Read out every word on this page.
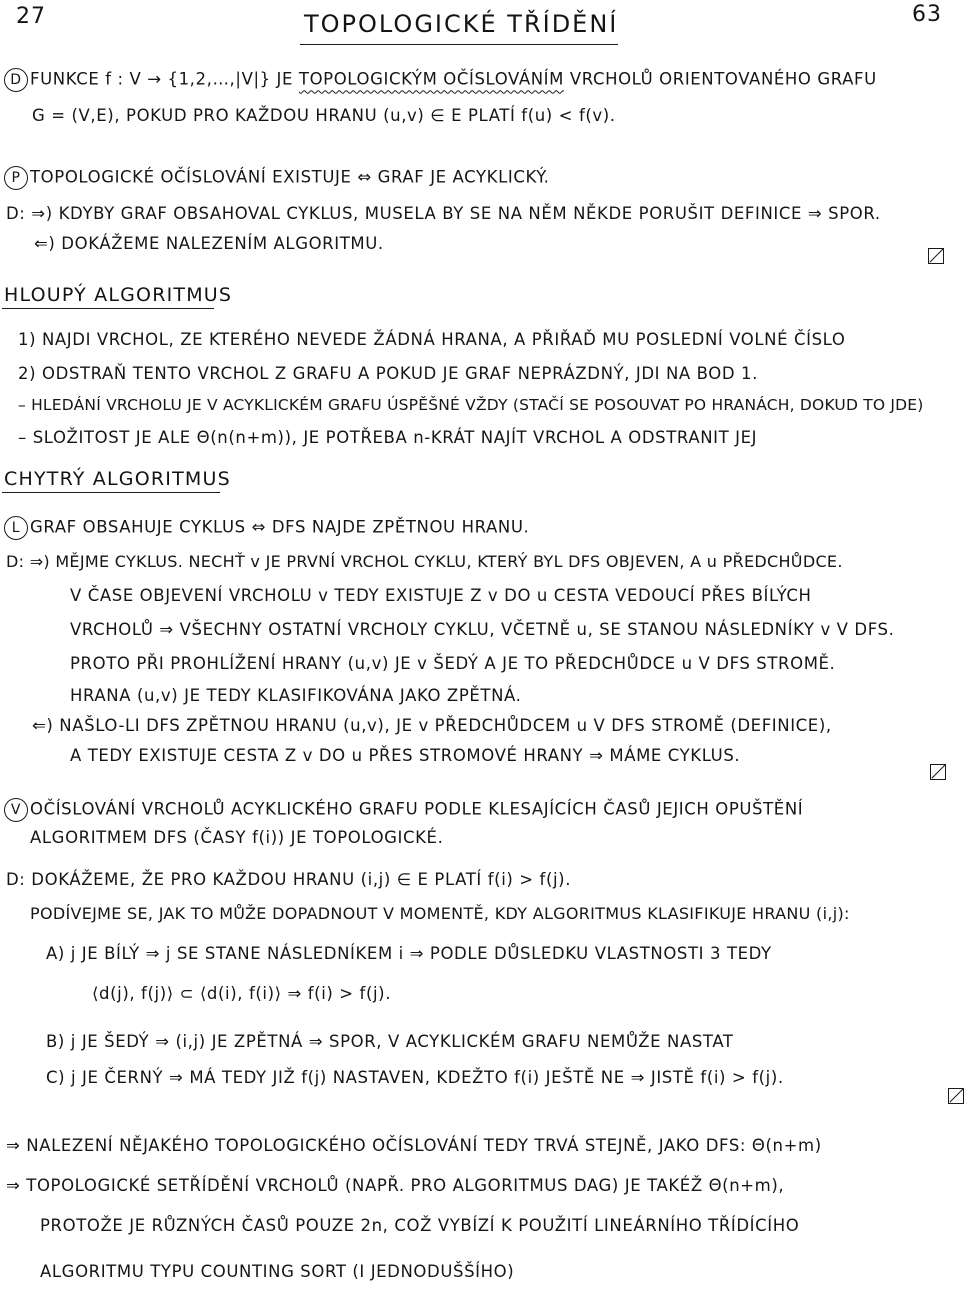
27	63
TOPOLOGICKÉ TŘÍDĚNÍ
D FUNKCE f : V → {1,2,…,|V|} JE TOPOLOGICKÝM OČÍSLOVÁNÍM VRCHOLŮ ORIENTOVANÉHO GRAFU
G = (V,E), POKUD PRO KAŽDOU HRANU (u,v) ∈ E PLATÍ f(u) < f(v).
P TOPOLOGICKÉ OČÍSLOVÁNÍ EXISTUJE ⇔ GRAF JE ACYKLICKÝ.
D: ⇒) KDYBY GRAF OBSAHOVAL CYKLUS, MUSELA BY SE NA NĚM NĚKDE PORUŠIT DEFINICE ⇒ SPOR.
⇐) DOKÁŽEME NALEZENÍM ALGORITMU.
HLOUPÝ ALGORITMUS
1) NAJDI VRCHOL, ZE KTERÉHO NEVEDE ŽÁDNÁ HRANA, A PŘIŘAĎ MU POSLEDNÍ VOLNÉ ČÍSLO
2) ODSTRAŇ TENTO VRCHOL Z GRAFU A POKUD JE GRAF NEPRÁZDNÝ, JDI NA BOD 1.
– HLEDÁNÍ VRCHOLU JE V ACYKLICKÉM GRAFU ÚSPĚŠNÉ VŽDY (STAČÍ SE POSOUVAT PO HRANÁCH, DOKUD TO JDE)
– SLOŽITOST JE ALE Θ(n(n+m)), JE POTŘEBA n-KRÁT NAJÍT VRCHOL A ODSTRANIT JEJ
CHYTRÝ ALGORITMUS
L GRAF OBSAHUJE CYKLUS ⇔ DFS NAJDE ZPĚTNOU HRANU.
D: ⇒) MĚJME CYKLUS. NECHŤ v JE PRVNÍ VRCHOL CYKLU, KTERÝ BYL DFS OBJEVEN, A u PŘEDCHŮDCE.
V ČASE OBJEVENÍ VRCHOLU v TEDY EXISTUJE Z v DO u CESTA VEDOUCÍ PŘES BÍLÝCH
VRCHOLŮ ⇒ VŠECHNY OSTATNÍ VRCHOLY CYKLU, VČETNĚ u, SE STANOU NÁSLEDNÍKY v V DFS.
PROTO PŘI PROHLÍŽENÍ HRANY (u,v) JE v ŠEDÝ A JE TO PŘEDCHŮDCE u V DFS STROMĚ.
HRANA (u,v) JE TEDY KLASIFIKOVÁNA JAKO ZPĚTNÁ.
⇐) NAŠLO-LI DFS ZPĚTNOU HRANU (u,v), JE v PŘEDCHŮDCEM u V DFS STROMĚ (DEFINICE),
A TEDY EXISTUJE CESTA Z v DO u PŘES STROMOVÉ HRANY ⇒ MÁME CYKLUS.
V OČÍSLOVÁNÍ VRCHOLŮ ACYKLICKÉHO GRAFU PODLE KLESAJÍCÍCH ČASŮ JEJICH OPUŠTĚNÍ
ALGORITMEM DFS (ČASY f(i)) JE TOPOLOGICKÉ.
D: DOKÁŽEME, ŽE PRO KAŽDOU HRANU (i,j) ∈ E PLATÍ f(i) > f(j).
PODÍVEJME SE, JAK TO MŮŽE DOPADNOUT V MOMENTĚ, KDY ALGORITMUS KLASIFIKUJE HRANU (i,j):
A) j JE BÍLÝ ⇒ j SE STANE NÁSLEDNÍKEM i ⇒ PODLE DŮSLEDKU VLASTNOSTI 3 TEDY
⟨d(j), f(j)⟩ ⊂ ⟨d(i), f(i)⟩ ⇒ f(i) > f(j).
B) j JE ŠEDÝ ⇒ (i,j) JE ZPĚTNÁ ⇒ SPOR, V ACYKLICKÉM GRAFU NEMŮŽE NASTAT
C) j JE ČERNÝ ⇒ MÁ TEDY JIŽ f(j) NASTAVEN, KDEŽTO f(i) JEŠTĚ NE ⇒ JISTĚ f(i) > f(j).
⇒ NALEZENÍ NĚJAKÉHO TOPOLOGICKÉHO OČÍSLOVÁNÍ TEDY TRVÁ STEJNĚ, JAKO DFS: Θ(n+m)
⇒ TOPOLOGICKÉ SETŘÍDĚNÍ VRCHOLŮ (NAPŘ. PRO ALGORITMUS DAG) JE TAKÉŽ Θ(n+m),
PROTOŽE JE RŮZNÝCH ČASŮ POUZE 2n, COŽ VYBÍZÍ K POUŽITÍ LINEÁRNÍHO TŘÍDÍCÍHO
ALGORITMU TYPU COUNTING SORT (I JEDNODUŠŠÍHO)
